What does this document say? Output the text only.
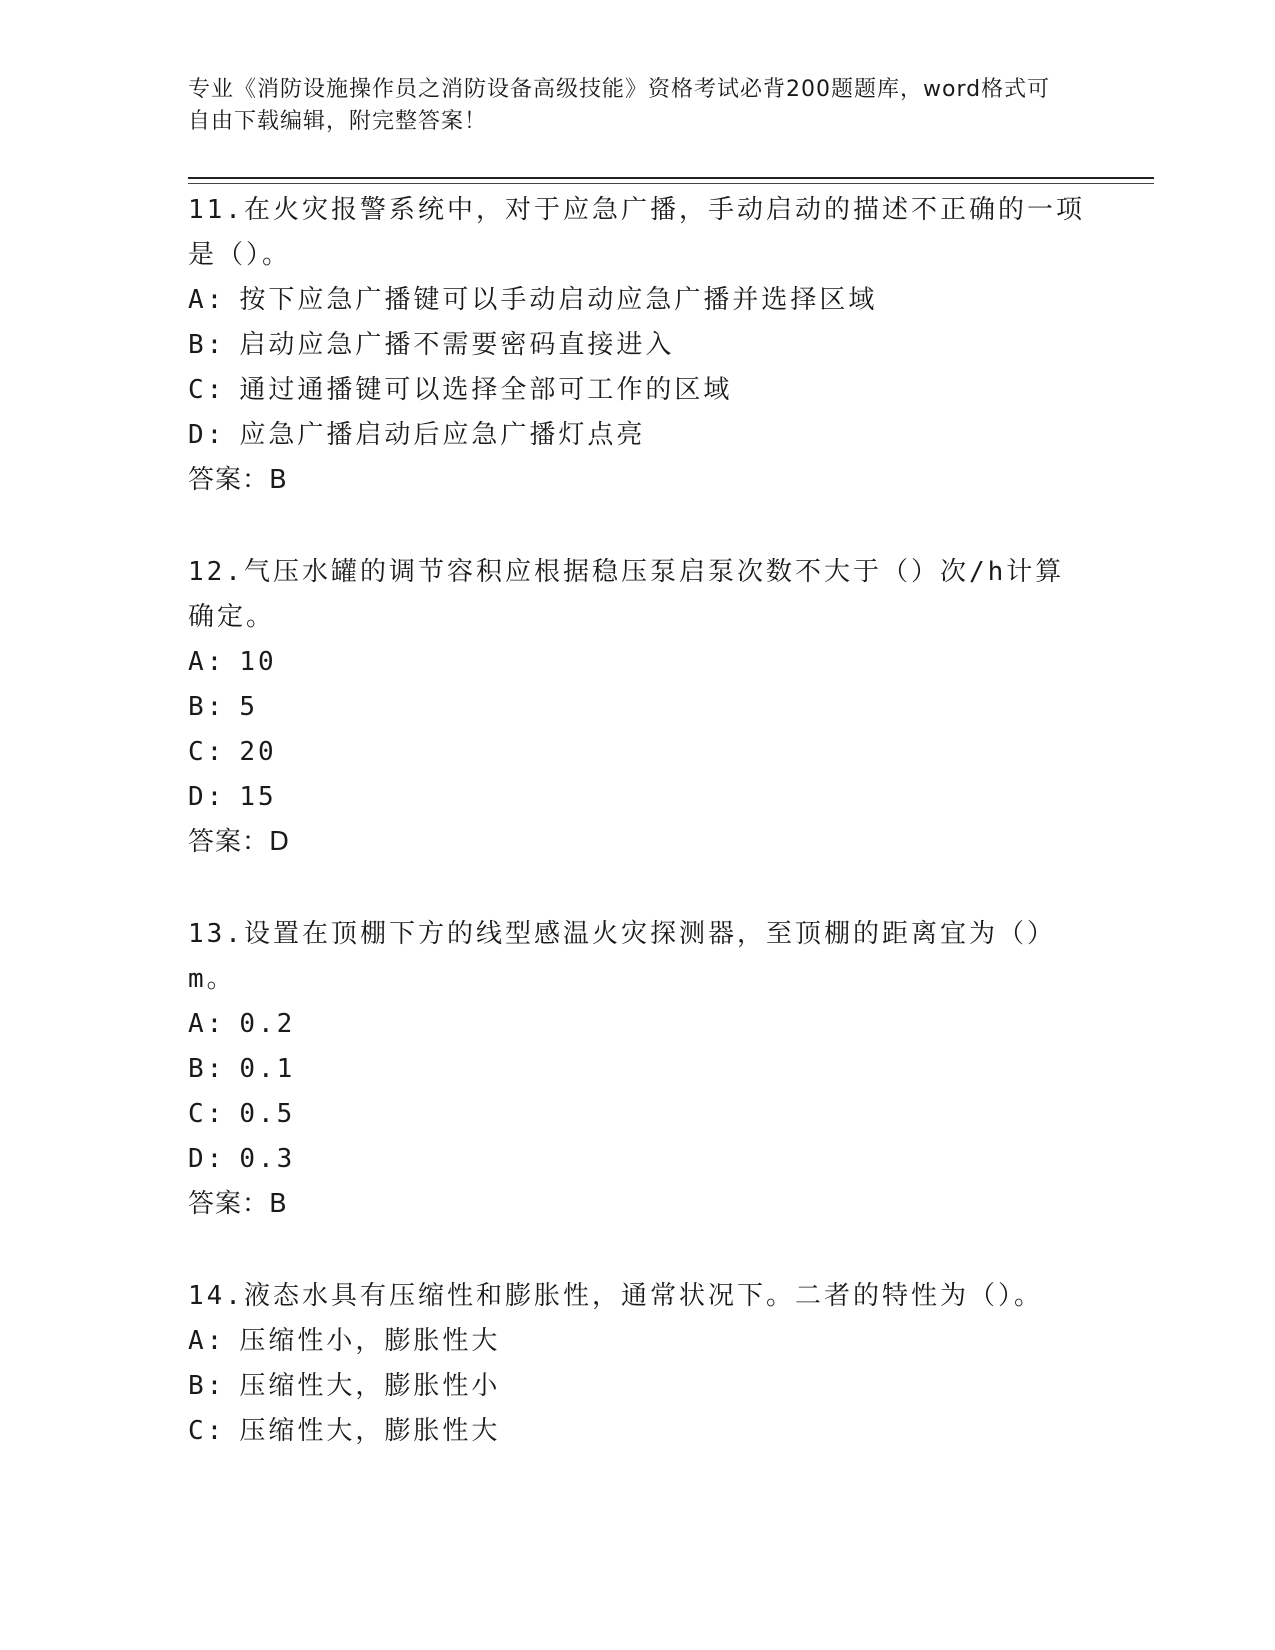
专业《消防设施操作员之消防设备高级技能》资格考试必背200题题库，word格式可自由下载编辑，附完整答案！

11.在火灾报警系统中，对于应急广播，手动启动的描述不正确的一项是（）。

A: 按下应急广播键可以手动启动应急广播并选择区域

B: 启动应急广播不需要密码直接进入

C: 通过通播键可以选择全部可工作的区域

D: 应急广播启动后应急广播灯点亮

答案：B

12.气压水罐的调节容积应根据稳压泵启泵次数不大于（）次/h计算确定。

A: 10

B: 5

C: 20

D: 15

答案：D

13.设置在顶棚下方的线型感温火灾探测器，至顶棚的距离宜为（）m。

A: 0.2

B: 0.1

C: 0.5

D: 0.3

答案：B

14.液态水具有压缩性和膨胀性，通常状况下。二者的特性为（）。

A: 压缩性小，膨胀性大

B: 压缩性大，膨胀性小

C: 压缩性大，膨胀性大
